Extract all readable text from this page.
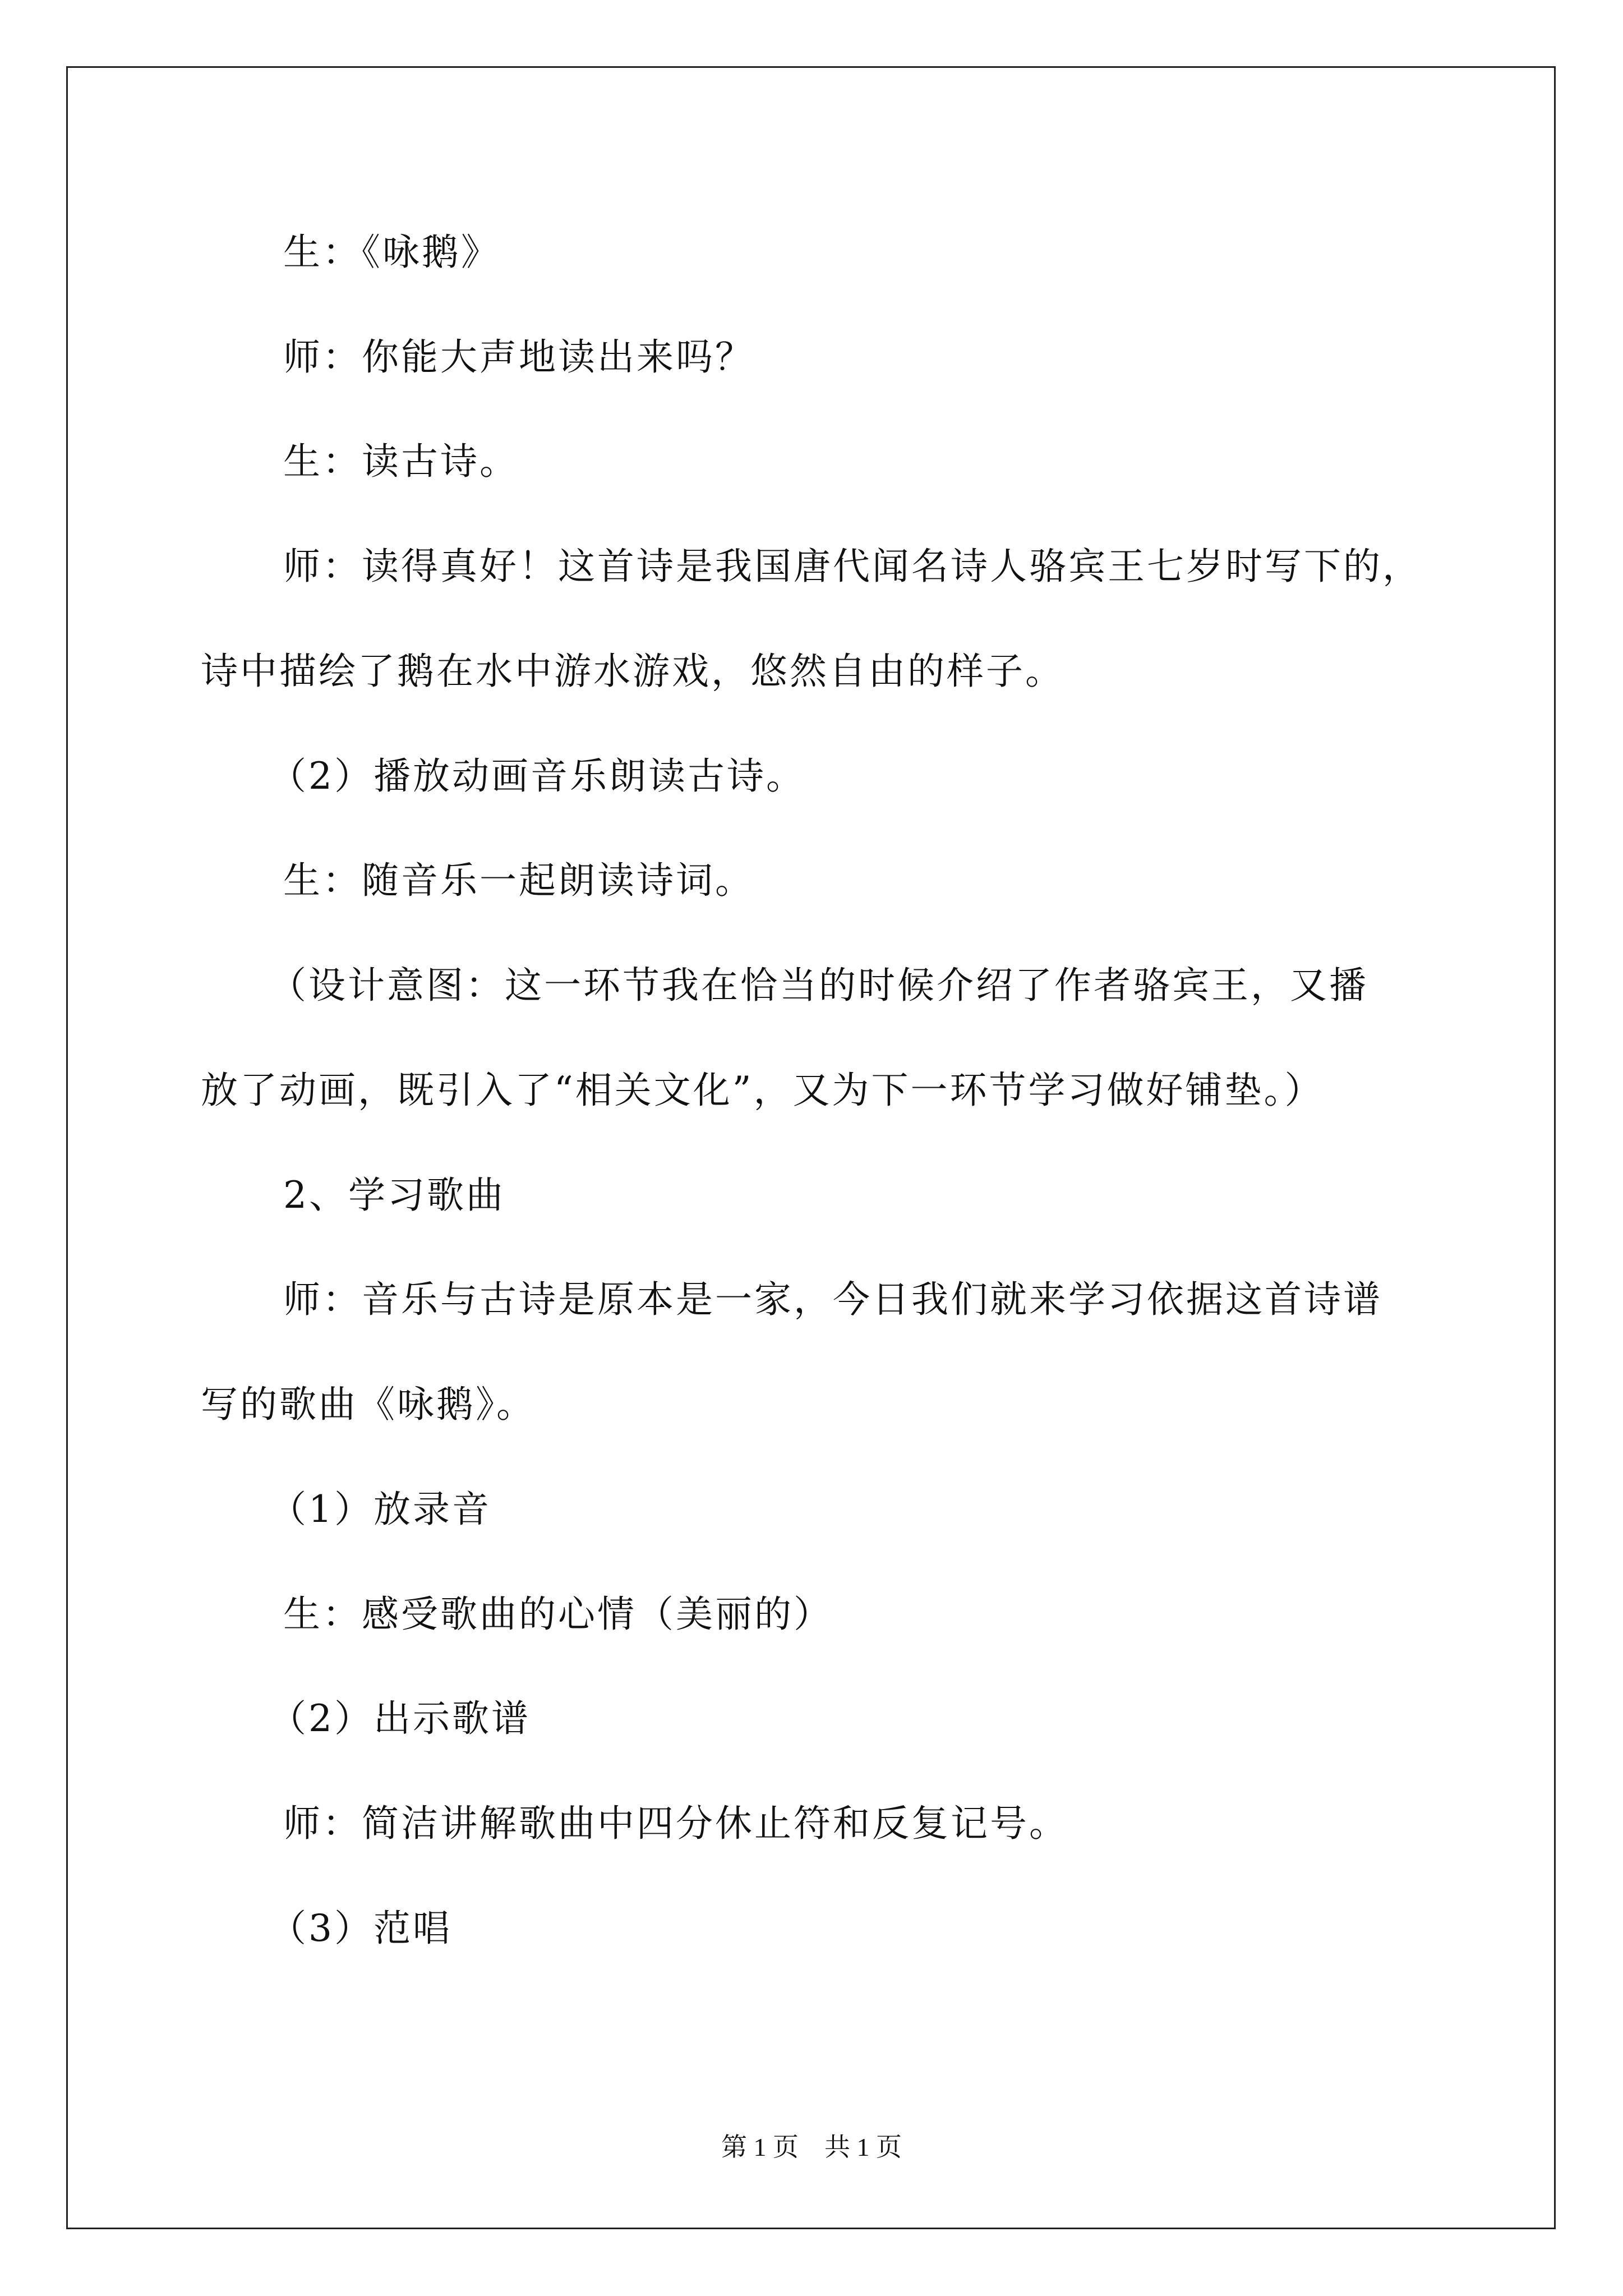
生：《咏鹅》
师：你能大声地读出来吗？
生：读古诗。
师：读得真好！这首诗是我国唐代闻名诗人骆宾王七岁时写下的，
诗中描绘了鹅在水中游水游戏，悠然自由的样子。
（2）播放动画音乐朗读古诗。
生：随音乐一起朗读诗词。
（设计意图：这一环节我在恰当的时候介绍了作者骆宾王，又播
放了动画，既引入了“相关文化”，又为下一环节学习做好铺垫。）
2、学习歌曲
师：音乐与古诗是原本是一家，今日我们就来学习依据这首诗谱
写的歌曲《咏鹅》。
（1）放录音
生：感受歌曲的心情（美丽的）
（2）出示歌谱
师：简洁讲解歌曲中四分休止符和反复记号。
（3）范唱
第 1 页　共 1 页
